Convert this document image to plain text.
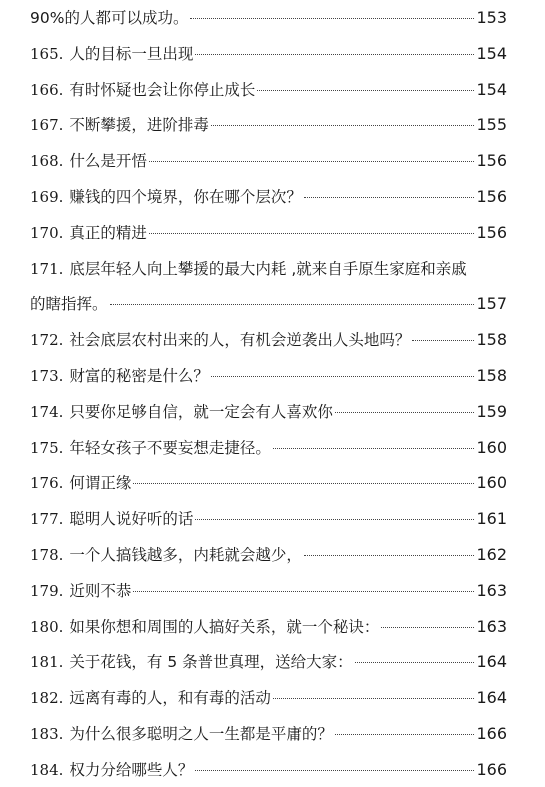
90%的人都可以成功。	153
165. 人的目标一旦出现	154
166. 有时怀疑也会让你停止成长	154
167. 不断攀援，进阶排毒	155
168. 什么是开悟	156
169. 赚钱的四个境界，你在哪个层次？	156
170. 真正的精进	156
171. 底层年轻人向上攀援的最大内耗 ,就来自手原生家庭和亲戚
的瞎指挥。	157
172. 社会底层农村出来的人，有机会逆袭出人头地吗？	158
173. 财富的秘密是什么？	158
174. 只要你足够自信，就一定会有人喜欢你	159
175. 年轻女孩子不要妄想走捷径。	160
176. 何谓正缘	160
177. 聪明人说好听的话	161
178. 一个人搞钱越多，内耗就会越少，	162
179. 近则不恭	163
180. 如果你想和周围的人搞好关系，就一个秘诀：	163
181. 关于花钱，有 5 条普世真理，送给大家：	164
182. 远离有毒的人，和有毒的活动	164
183. 为什么很多聪明之人一生都是平庸的？	166
184. 权力分给哪些人？	166
